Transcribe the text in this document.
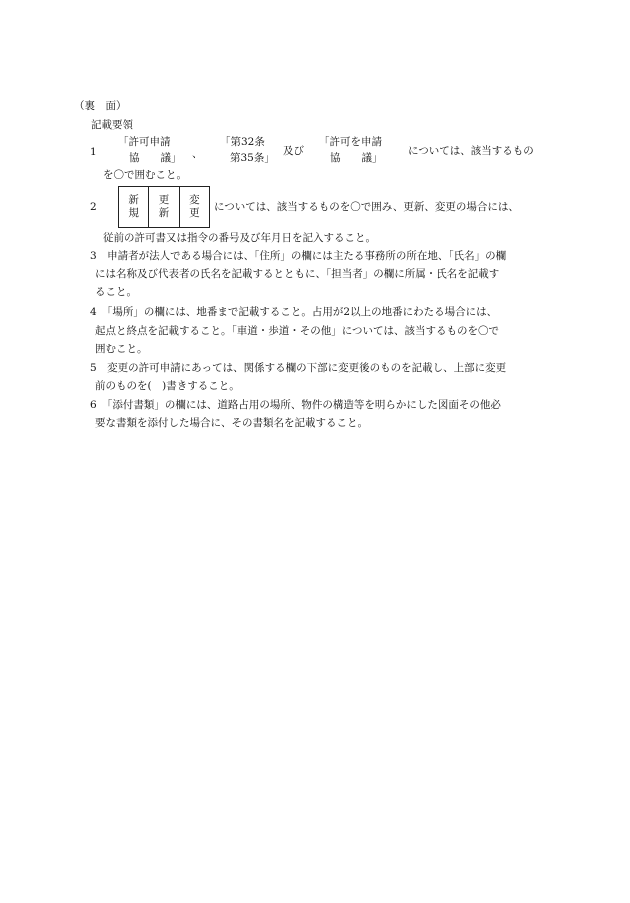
（裏　面）
記載要領
1
「許可申請
協　　議」 、
「第32条
第35条」
及び
「許可を申請
協　　議」
については、該当するもの
を〇で囲むこと。
2
新
規
更
新
変
更 については、該当するものを〇で囲み、更新、変更の場合には、
従前の許可書又は指令の番号及び年月日を記入すること。
3　申請者が法人である場合には、「住所」の欄には主たる事務所の所在地、「氏名」の欄
には名称及び代表者の氏名を記載するとともに、「担当者」の欄に所属・氏名を記載す
ること。
4　「場所」の欄には、地番まで記載すること。占用が2以上の地番にわたる場合には、
起点と終点を記載すること。「車道・歩道・その他」については、該当するものを〇で
囲むこと。
5　変更の許可申請にあっては、関係する欄の下部に変更後のものを記載し、上部に変更
前のものを(　)書きすること。
6　「添付書類」の欄には、道路占用の場所、物件の構造等を明らかにした図面その他必
要な書類を添付した場合に、その書類名を記載すること。
